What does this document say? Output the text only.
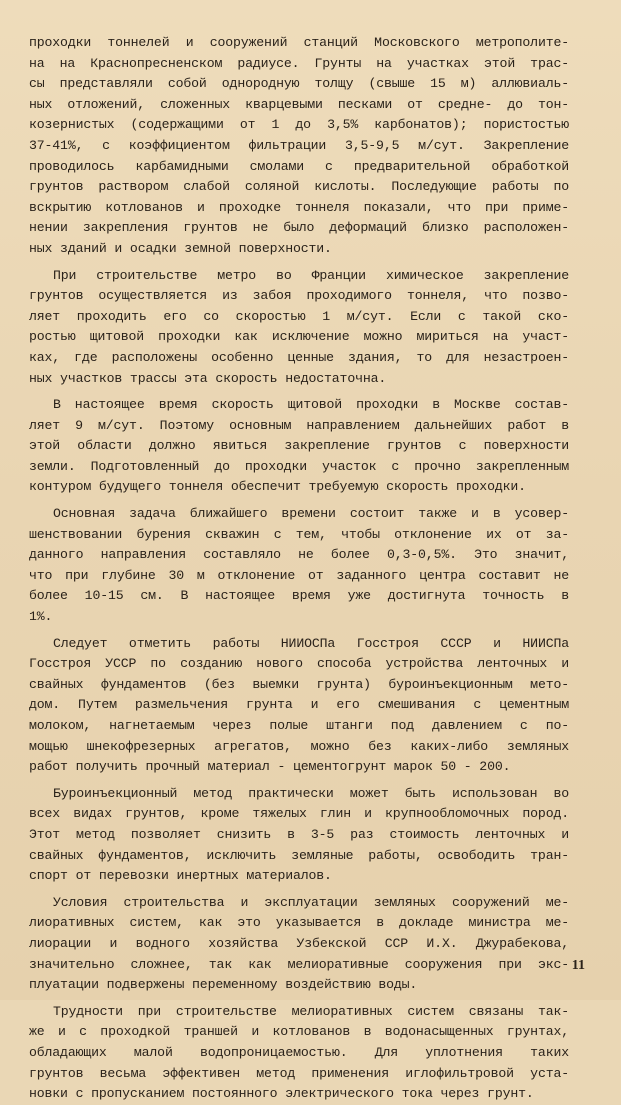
проходки тоннелей и сооружений станций Московского метрополите-
на на Краснопресненском радиусе. Грунты на участках этой трас-
сы представляли собой однородную толщу (свыше 15 м) аллювиаль-
ных отложений, сложенных кварцевыми песками от средне- до тон-
козернистых (содержащими от 1 до 3,5% карбонатов); пористостью
37-41%, с коэффициентом фильтрации 3,5-9,5 м/сут. Закрепление
проводилось карбамидными смолами с предварительной обработкой
грунтов раствором слабой соляной кислоты. Последующие работы по
вскрытию котлованов и проходке тоннеля показали, что при приме-
нении закрепления грунтов не было деформаций близко расположен-
ных зданий и осадки земной поверхности.
При строительстве метро во Франции химическое закрепление
грунтов осуществляется из забоя проходимого тоннеля, что позво-
ляет проходить его со скоростью 1 м/сут. Если с такой ско-
ростью щитовой проходки как исключение можно мириться на участ-
ках, где расположены особенно ценные здания, то для незастроен-
ных участков трассы эта скорость недостаточна.
В настоящее время скорость щитовой проходки в Москве состав-
ляет 9 м/сут. Поэтому основным направлением дальнейших работ в
этой области должно явиться закрепление грунтов с поверхности
земли. Подготовленный до проходки участок с прочно закрепленным
контуром будущего тоннеля обеспечит требуемую скорость проходки.
Основная задача ближайшего времени состоит также и в усовер-
шенствовании бурения скважин с тем, чтобы отклонение их от за-
данного направления составляло не более 0,3-0,5%. Это значит,
что при глубине 30 м отклонение от заданного центра составит не
более 10-15 см. В настоящее время уже достигнута точность в
1%.
Следует отметить работы НИИОСПа Госстроя СССР и НИИСПа
Госстроя УССР по созданию нового способа устройства ленточных и
свайных фундаментов (без выемки грунта) буроинъекционным мето-
дом. Путем размельчения грунта и его смешивания с цементным
молоком, нагнетаемым через полые штанги под давлением с по-
мощью шнекофрезерных агрегатов, можно без каких-либо земляных
работ получить прочный материал - цементогрунт марок 50 - 200.
Буроинъекционный метод практически может быть использован во
всех видах грунтов, кроме тяжелых глин и крупнообломочных пород.
Этот метод позволяет снизить в 3-5 раз стоимость ленточных и
свайных фундаментов, исключить земляные работы, освободить тран-
спорт от перевозки инертных материалов.
Условия строительства и эксплуатации земляных сооружений ме-
лиоративных систем, как это указывается в докладе министра ме-
лиорации и водного хозяйства Узбекской ССР И.Х. Джурабекова,
значительно сложнее, так как мелиоративные сооружения при экс-
плуатации подвержены переменному воздействию воды.
Трудности при строительстве мелиоративных систем связаны так-
же и с проходкой траншей и котлованов в водонасыщенных грунтах,
обладающих малой водопроницаемостью. Для уплотнения таких
грунтов весьма эффективен метод применения иглофильтровой уста-
новки с пропусканием постоянного электрического тока через грунт.
11
